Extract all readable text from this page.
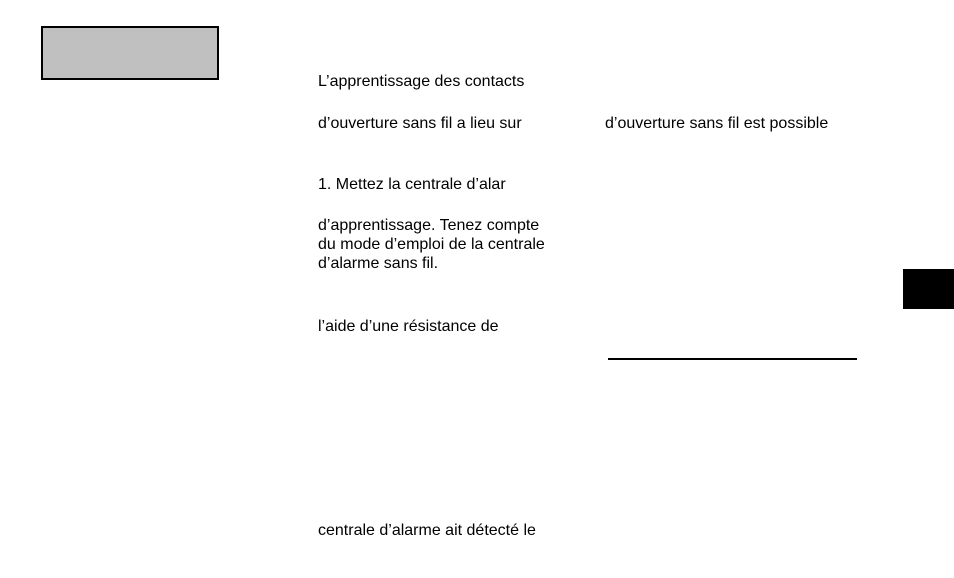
L’apprentissage des contacts
d’ouverture sans fil a lieu sur	d’ouverture sans fil est possible
1. Mettez la centrale d’alar
d’apprentissage. Tenez compte
du mode d’emploi de la centrale
d’alarme sans fil.
l’aide d’une résistance de
centrale d’alarme ait détecté le
